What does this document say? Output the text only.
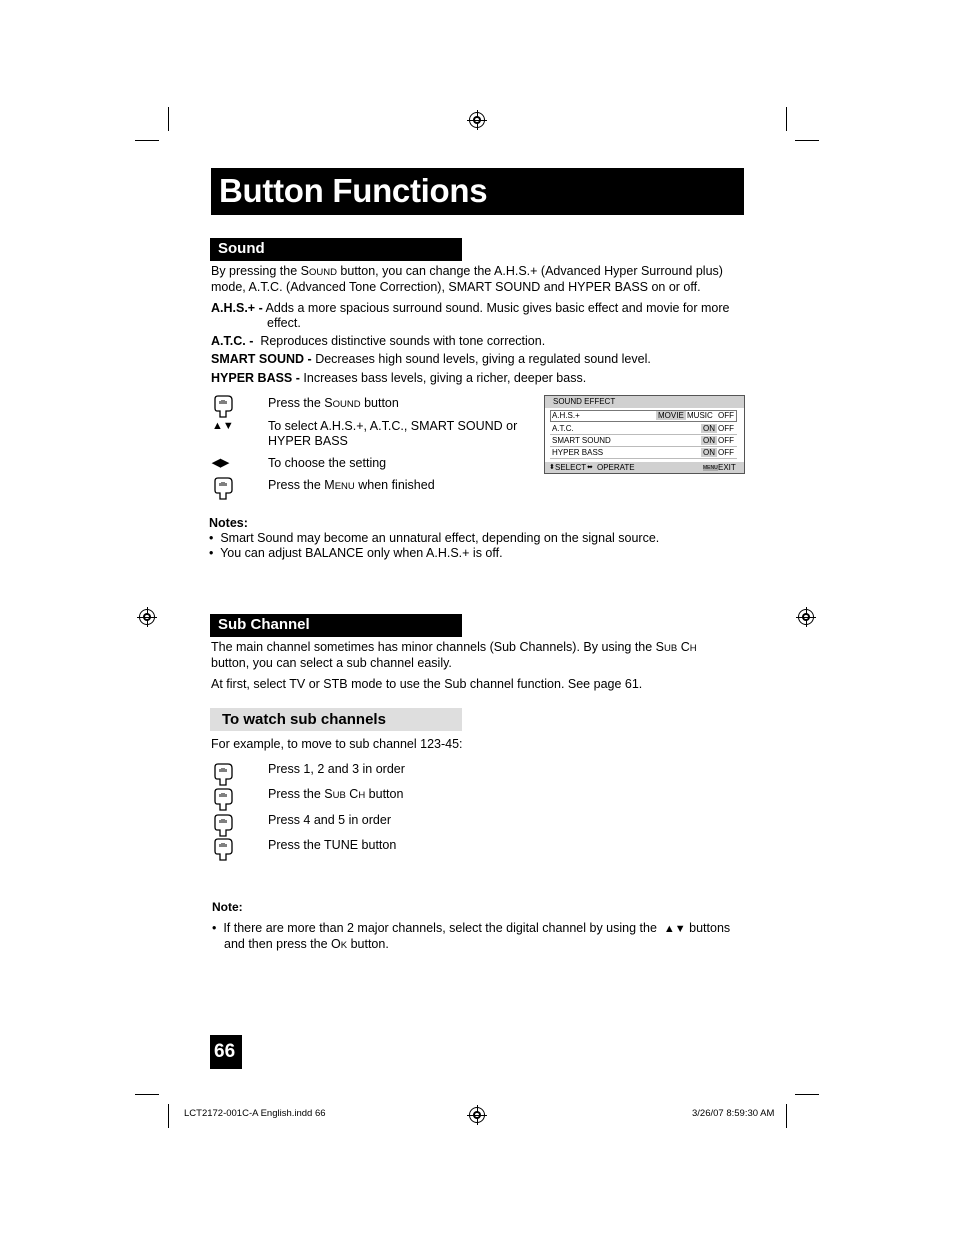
Button Functions
Sound
By pressing the SOUND button, you can change the A.H.S.+ (Advanced Hyper Surround plus)
mode, A.T.C. (Advanced Tone Correction), SMART SOUND and HYPER BASS on or off.
A.H.S.+ - Adds a more spacious surround sound. Music gives basic effect and movie for more
effect.
A.T.C. - Reproduces distinctive sounds with tone correction.
SMART SOUND - Decreases high sound levels, giving a regulated sound level.
HYPER BASS - Increases bass levels, giving a richer, deeper bass.
Press the SOUND button
▲▼	To select A.H.S.+, A.T.C., SMART SOUND or
HYPER BASS
◀▶	To choose the setting
Press the MENU when finished
SOUND EFFECT
A.H.S.+	MOVIE MUSIC OFF
A.T.C.	ON OFF
SMART SOUND	ON OFF
HYPER BASS	ON OFF
⬍ SELECT ⬌ OPERATE	MENU EXIT
Notes:
•  Smart Sound may become an unnatural effect, depending on the signal source.
•  You can adjust BALANCE only when A.H.S.+ is off.
Sub Channel
The main channel sometimes has minor channels (Sub Channels). By using the SUB CH
button, you can select a sub channel easily.
At first, select TV or STB mode to use the Sub channel function. See page 61.
To watch sub channels
For example, to move to sub channel 123-45:
Press 1, 2 and 3 in order
Press the SUB CH button
Press 4 and 5 in order
Press the TUNE button
Note:
•  If there are more than 2 major channels, select the digital channel by using the ▲▼ buttons
and then press the OK button.
66
LCT2172-001C-A English.indd 66	3/26/07 8:59:30 AM
